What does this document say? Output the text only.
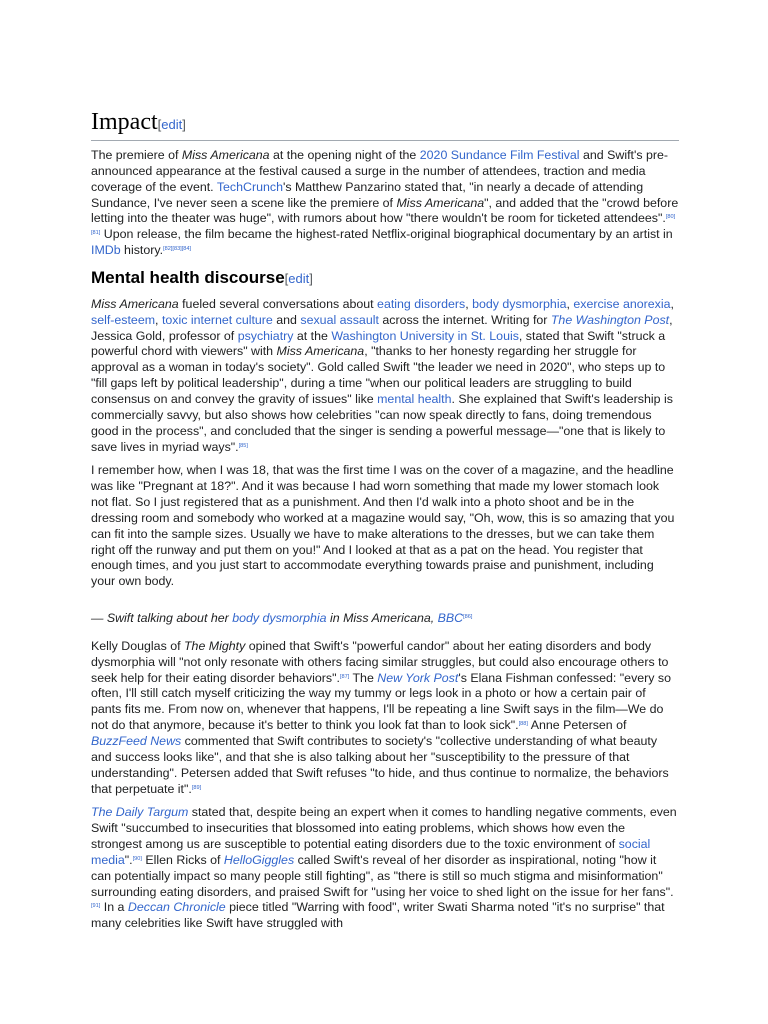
Impact[edit]

The premiere of Miss Americana at the opening night of the 2020 Sundance Film Festival and Swift's pre-announced appearance at the festival caused a surge in the number of attendees, traction and media coverage of the event. TechCrunch's Matthew Panzarino stated that, "in nearly a decade of attending Sundance, I've never seen a scene like the premiere of Miss Americana", and added that the "crowd before letting into the theater was huge", with rumors about how "there wouldn't be room for ticketed attendees".[80][81] Upon release, the film became the highest-rated Netflix-original biographical documentary by an artist in IMDb history.[82][83][84]

Mental health discourse[edit]

Miss Americana fueled several conversations about eating disorders, body dysmorphia, exercise anorexia, self-esteem, toxic internet culture and sexual assault across the internet. Writing for The Washington Post, Jessica Gold, professor of psychiatry at the Washington University in St. Louis, stated that Swift "struck a powerful chord with viewers" with Miss Americana, "thanks to her honesty regarding her struggle for approval as a woman in today's society". Gold called Swift "the leader we need in 2020", who steps up to "fill gaps left by political leadership", during a time "when our political leaders are struggling to build consensus on and convey the gravity of issues" like mental health. She explained that Swift's leadership is commercially savvy, but also shows how celebrities "can now speak directly to fans, doing tremendous good in the process", and concluded that the singer is sending a powerful message—"one that is likely to save lives in myriad ways".[85]

I remember how, when I was 18, that was the first time I was on the cover of a magazine, and the headline was like "Pregnant at 18?". And it was because I had worn something that made my lower stomach look not flat. So I just registered that as a punishment. And then I'd walk into a photo shoot and be in the dressing room and somebody who worked at a magazine would say, "Oh, wow, this is so amazing that you can fit into the sample sizes. Usually we have to make alterations to the dresses, but we can take them right off the runway and put them on you!" And I looked at that as a pat on the head. You register that enough times, and you just start to accommodate everything towards praise and punishment, including your own body.

— Swift talking about her body dysmorphia in Miss Americana, BBC[86]

Kelly Douglas of The Mighty opined that Swift's "powerful candor" about her eating disorders and body dysmorphia will "not only resonate with others facing similar struggles, but could also encourage others to seek help for their eating disorder behaviors".[87] The New York Post's Elana Fishman confessed: "every so often, I'll still catch myself criticizing the way my tummy or legs look in a photo or how a certain pair of pants fits me. From now on, whenever that happens, I'll be repeating a line Swift says in the film—We do not do that anymore, because it's better to think you look fat than to look sick".[88] Anne Petersen of BuzzFeed News commented that Swift contributes to society's "collective understanding of what beauty and success looks like", and that she is also talking about her "susceptibility to the pressure of that understanding". Petersen added that Swift refuses "to hide, and thus continue to normalize, the behaviors that perpetuate it".[89]

The Daily Targum stated that, despite being an expert when it comes to handling negative comments, even Swift "succumbed to insecurities that blossomed into eating problems, which shows how even the strongest among us are susceptible to potential eating disorders due to the toxic environment of social media".[90] Ellen Ricks of HelloGiggles called Swift's reveal of her disorder as inspirational, noting "how it can potentially impact so many people still fighting", as "there is still so much stigma and misinformation" surrounding eating disorders, and praised Swift for "using her voice to shed light on the issue for her fans".[91] In a Deccan Chronicle piece titled "Warring with food", writer Swati Sharma noted "it's no surprise" that many celebrities like Swift have struggled with
